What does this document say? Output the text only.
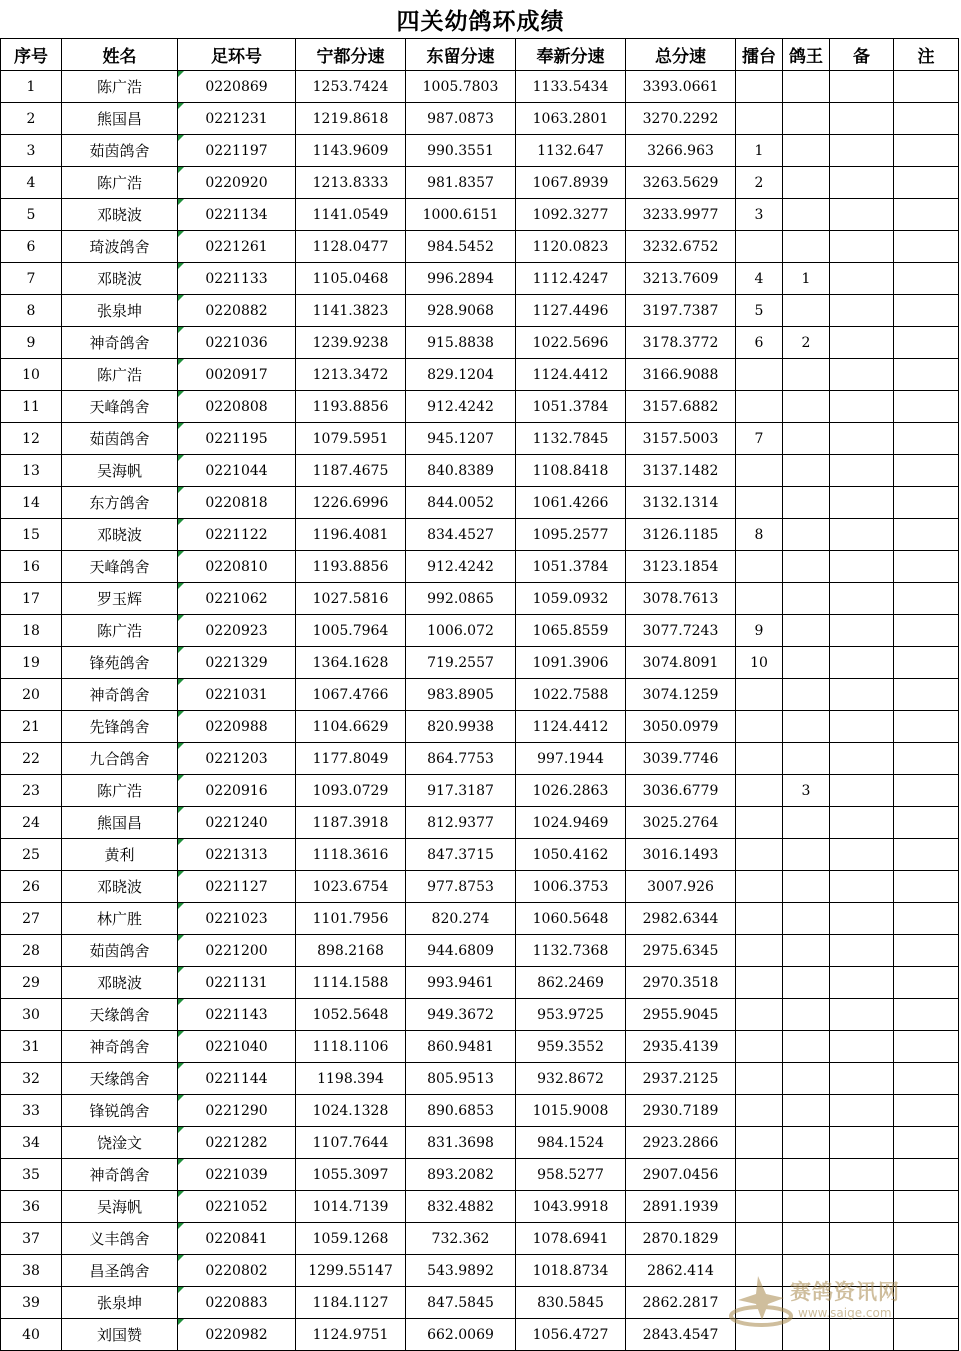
四关幼鸽环成绩
序号	姓名	足环号	宁都分速	东留分速	奉新分速	总分速	擂台	鸽王	备	注
1	陈广浩	0220869	1253.7424	1005.7803	1133.5434	3393.0661				
2	熊国昌	0221231	1219.8618	987.0873	1063.2801	3270.2292				
3	茹茵鸽舍	0221197	1143.9609	990.3551	1132.647	3266.963	1			
4	陈广浩	0220920	1213.8333	981.8357	1067.8939	3263.5629	2			
5	邓晓波	0221134	1141.0549	1000.6151	1092.3277	3233.9977	3			
6	琦波鸽舍	0221261	1128.0477	984.5452	1120.0823	3232.6752				
7	邓晓波	0221133	1105.0468	996.2894	1112.4247	3213.7609	4	1		
8	张泉坤	0220882	1141.3823	928.9068	1127.4496	3197.7387	5			
9	神奇鸽舍	0221036	1239.9238	915.8838	1022.5696	3178.3772	6	2		
10	陈广浩	0020917	1213.3472	829.1204	1124.4412	3166.9088				
11	天峰鸽舍	0220808	1193.8856	912.4242	1051.3784	3157.6882				
12	茹茵鸽舍	0221195	1079.5951	945.1207	1132.7845	3157.5003	7			
13	吴海帆	0221044	1187.4675	840.8389	1108.8418	3137.1482				
14	东方鸽舍	0220818	1226.6996	844.0052	1061.4266	3132.1314				
15	邓晓波	0221122	1196.4081	834.4527	1095.2577	3126.1185	8			
16	天峰鸽舍	0220810	1193.8856	912.4242	1051.3784	3123.1854				
17	罗玉辉	0221062	1027.5816	992.0865	1059.0932	3078.7613				
18	陈广浩	0220923	1005.7964	1006.072	1065.8559	3077.7243	9			
19	锋苑鸽舍	0221329	1364.1628	719.2557	1091.3906	3074.8091	10			
20	神奇鸽舍	0221031	1067.4766	983.8905	1022.7588	3074.1259				
21	先锋鸽舍	0220988	1104.6629	820.9938	1124.4412	3050.0979				
22	九合鸽舍	0221203	1177.8049	864.7753	997.1944	3039.7746				
23	陈广浩	0220916	1093.0729	917.3187	1026.2863	3036.6779		3		
24	熊国昌	0221240	1187.3918	812.9377	1024.9469	3025.2764				
25	黄利	0221313	1118.3616	847.3715	1050.4162	3016.1493				
26	邓晓波	0221127	1023.6754	977.8753	1006.3753	3007.926				
27	林广胜	0221023	1101.7956	820.274	1060.5648	2982.6344				
28	茹茵鸽舍	0221200	898.2168	944.6809	1132.7368	2975.6345				
29	邓晓波	0221131	1114.1588	993.9461	862.2469	2970.3518				
30	天缘鸽舍	0221143	1052.5648	949.3672	953.9725	2955.9045				
31	神奇鸽舍	0221040	1118.1106	860.9481	959.3552	2935.4139				
32	天缘鸽舍	0221144	1198.394	805.9513	932.8672	2937.2125				
33	锋锐鸽舍	0221290	1024.1328	890.6853	1015.9008	2930.7189				
34	饶淦文	0221282	1107.7644	831.3698	984.1524	2923.2866				
35	神奇鸽舍	0221039	1055.3097	893.2082	958.5277	2907.0456				
36	吴海帆	0221052	1014.7139	832.4882	1043.9918	2891.1939				
37	义丰鸽舍	0220841	1059.1268	732.362	1078.6941	2870.1829				
38	昌圣鸽舍	0220802	1299.55147	543.9892	1018.8734	2862.414				
39	张泉坤	0220883	1184.1127	847.5845	830.5845	2862.2817				
40	刘国赞	0220982	1124.9751	662.0069	1056.4727	2843.4547				
赛鸽资讯网
www.saige.com
